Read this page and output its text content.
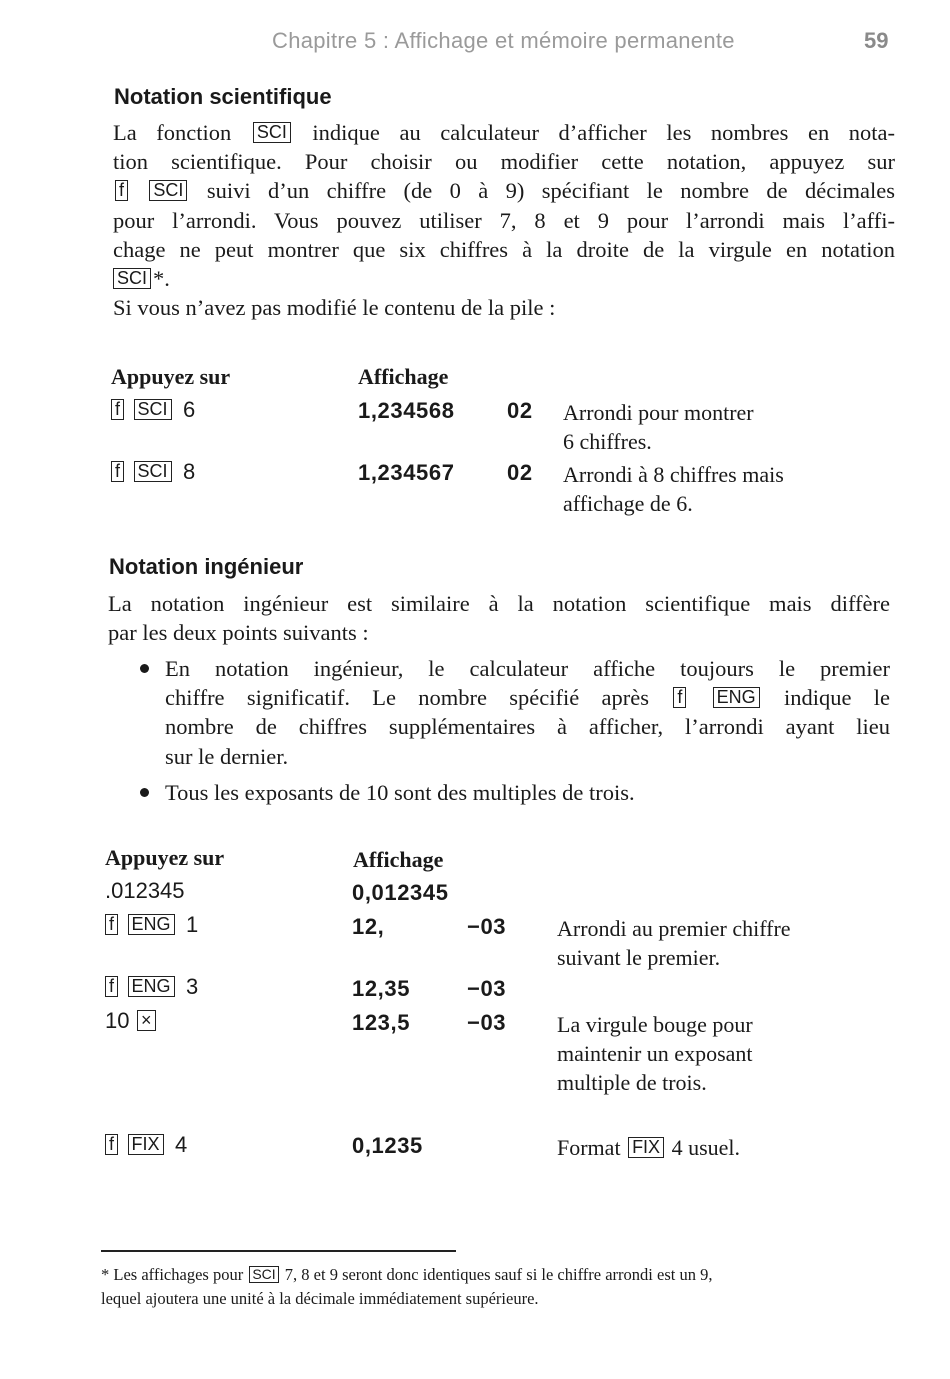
Chapitre 5 : Affichage et mémoire permanente	59
Notation scientifique
La fonction SCI indique au calculateur d’afficher les nombres en nota-
tion scientifique. Pour choisir ou modifier cette notation, appuyez sur
f SCI suivi d’un chiffre (de 0 à 9) spécifiant le nombre de décimales
pour l’arrondi. Vous pouvez utiliser 7, 8 et 9 pour l’arrondi mais l’affi-
chage ne peut montrer que six chiffres à la droite de la virgule en notation
SCI *.
Si vous n’avez pas modifié le contenu de la pile :
Appuyez sur	Affichage
f SCI 6	1,234568 02 Arrondi pour montrer
6 chiffres.
f SCI 8	1,234567 02 Arrondi à 8 chiffres mais
affichage de 6.
Notation ingénieur
La notation ingénieur est similaire à la notation scientifique mais diffère
par les deux points suivants :
En notation ingénieur, le calculateur affiche toujours le premier
chiffre significatif. Le nombre spécifié après f ENG indique le
nombre de chiffres supplémentaires à afficher, l’arrondi ayant lieu
sur le dernier.
Tous les exposants de 10 sont des multiples de trois.
Appuyez sur	Affichage
.012345	0,012345
f ENG 1	12,	−03 Arrondi au premier chiffre
suivant le premier.
f ENG 3	12,35	−03
10 ×	123,5	−03 La virgule bouge pour
maintenir un exposant
multiple de trois.
f FIX 4	0,1235	Format FIX 4 usuel.
* Les affichages pour SCI 7, 8 et 9 seront donc identiques sauf si le chiffre arrondi est un 9,
lequel ajoutera une unité à la décimale immédiatement supérieure.
